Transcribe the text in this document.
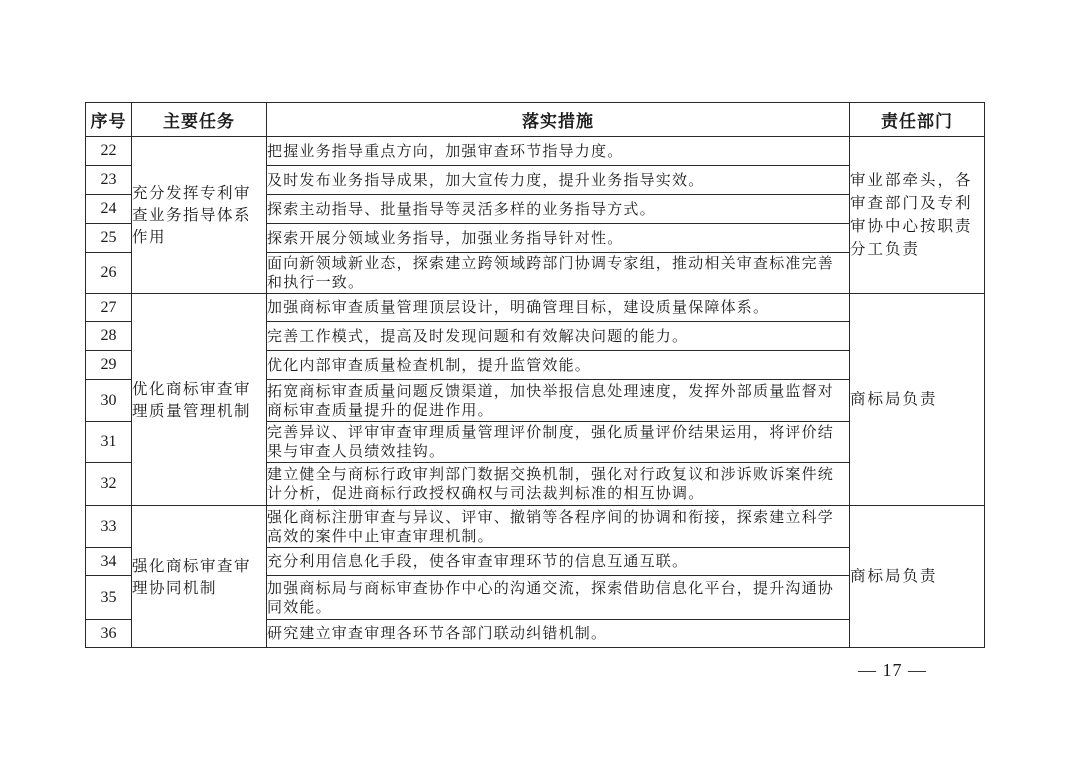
序号	主要任务	落实措施	责任部门
22	充分发挥专利审查业务指导体系作用	把握业务指导重点方向，加强审查环节指导力度。	审业部牵头，各审查部门及专利审协中心按职责分工负责
23		及时发布业务指导成果，加大宣传力度，提升业务指导实效。	
24		探索主动指导、批量指导等灵活多样的业务指导方式。	
25		探索开展分领域业务指导，加强业务指导针对性。	
26		面向新领域新业态，探索建立跨领域跨部门协调专家组，推动相关审查标准完善和执行一致。	
27	优化商标审查审理质量管理机制	加强商标审查质量管理顶层设计，明确管理目标，建设质量保障体系。	商标局负责
28		完善工作模式，提高及时发现问题和有效解决问题的能力。	
29		优化内部审查质量检查机制，提升监管效能。	
30		拓宽商标审查质量问题反馈渠道，加快举报信息处理速度，发挥外部质量监督对商标审查质量提升的促进作用。	
31		完善异议、评审审查审理质量管理评价制度，强化质量评价结果运用，将评价结果与审查人员绩效挂钩。	
32		建立健全与商标行政审判部门数据交换机制，强化对行政复议和涉诉败诉案件统计分析，促进商标行政授权确权与司法裁判标准的相互协调。	
33	强化商标审查审理协同机制	强化商标注册审查与异议、评审、撤销等各程序间的协调和衔接，探索建立科学高效的案件中止审查审理机制。	商标局负责
34		充分利用信息化手段，使各审查审理环节的信息互通互联。	
35		加强商标局与商标审查协作中心的沟通交流，探索借助信息化平台，提升沟通协同效能。	
36		研究建立审查审理各环节各部门联动纠错机制。	
— 17 —
